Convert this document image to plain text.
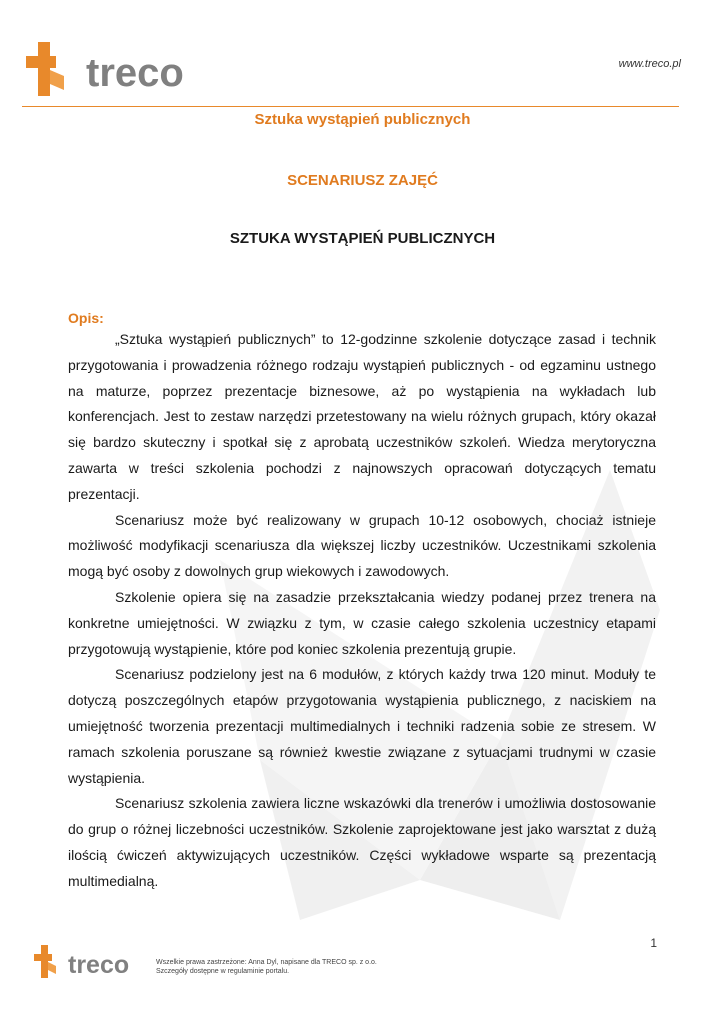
treco	www.treco.pl
Sztuka wystąpień publicznych
SCENARIUSZ ZAJĘĆ
SZTUKA WYSTĄPIEŃ PUBLICZNYCH
Opis:

„Sztuka wystąpień publicznych” to 12-godzinne szkolenie dotyczące zasad i technik przygotowania i prowadzenia różnego rodzaju wystąpień publicznych - od egzaminu ustnego na maturze, poprzez prezentacje biznesowe, aż po wystąpienia na wykładach lub konferencjach. Jest to zestaw narzędzi przetestowany na wielu różnych grupach, który okazał się bardzo skuteczny i spotkał się z aprobatą uczestników szkoleń. Wiedza merytoryczna zawarta w treści szkolenia pochodzi z najnowszych opracowań dotyczących tematu prezentacji.

Scenariusz może być realizowany w grupach 10-12 osobowych, chociaż istnieje możliwość modyfikacji scenariusza dla większej liczby uczestników. Uczestnikami szkolenia mogą być osoby z dowolnych grup wiekowych i zawodowych.

Szkolenie opiera się na zasadzie przekształcania wiedzy podanej przez trenera na konkretne umiejętności. W związku z tym, w czasie całego szkolenia uczestnicy etapami przygotowują wystąpienie, które pod koniec szkolenia prezentują grupie.

Scenariusz podzielony jest na 6 modułów, z których każdy trwa 120 minut. Moduły te dotyczą poszczególnych etapów przygotowania wystąpienia publicznego, z naciskiem na umiejętność tworzenia prezentacji multimedialnych i techniki radzenia sobie ze stresem. W ramach szkolenia poruszane są również kwestie związane z sytuacjami trudnymi w czasie wystąpienia.

Scenariusz szkolenia zawiera liczne wskazówki dla trenerów i umożliwia dostosowanie do grup o różnej liczebności uczestników. Szkolenie zaprojektowane jest jako warsztat z dużą ilością ćwiczeń aktywizujących uczestników. Części wykładowe wsparte są prezentacją multimedialną.

1
treco	Wszelkie prawa zastrzeżone: Anna Dyl, napisane dla TRECO sp. z o.o.
Szczegóły dostępne w regulaminie portalu.
